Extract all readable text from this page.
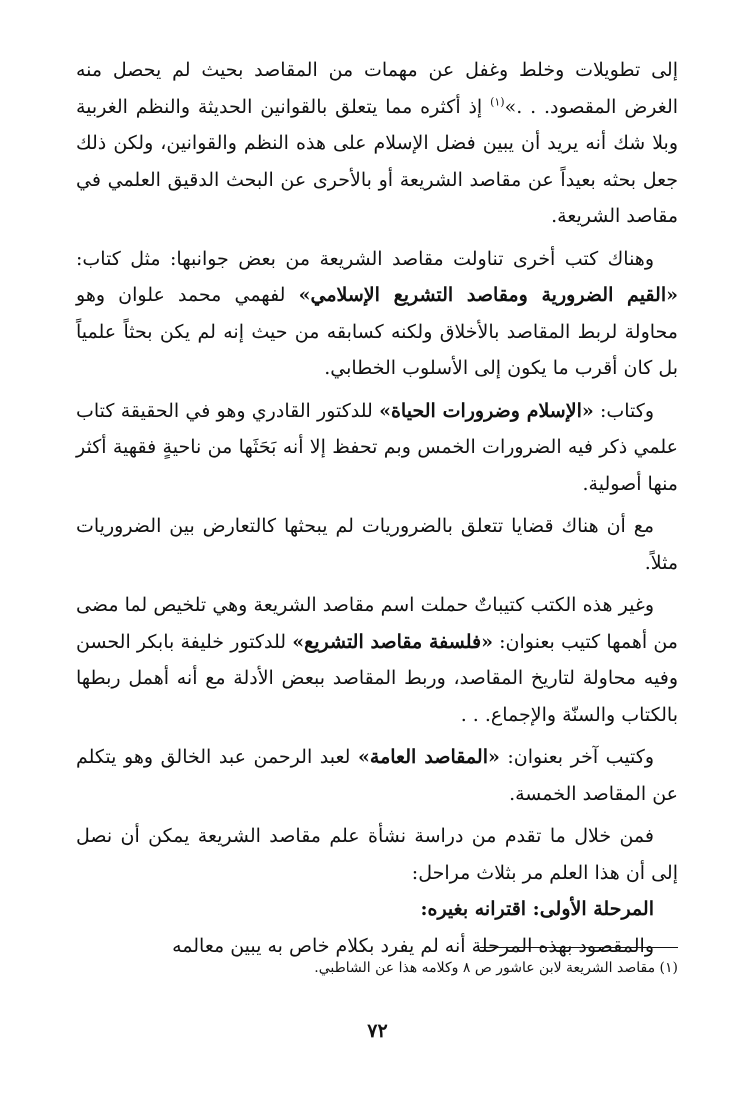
إلى تطويلات وخلط وغفل عن مهمات من المقاصد بحيث لم يحصل منه الغرض المقصود. . .»$^{(١)}$ إذ أكثره مما يتعلق بالقوانين الحديثة والنظم الغربية وبلا شك أنه يريد أن يبين فضل الإسلام على هذه النظم والقوانين، ولكن ذلك جعل بحثه بعيداً عن مقاصد الشريعة أو بالأحرى عن البحث الدقيق العلمي في مقاصد الشريعة.

وهناك كتب أخرى تناولت مقاصد الشريعة من بعض جوانبها: مثل كتاب: «القيم الضرورية ومقاصد التشريع الإسلامي» لفهمي محمد علوان وهو محاولة لربط المقاصد بالأخلاق ولكنه كسابقه من حيث إنه لم يكن بحثاً علمياً بل كان أقرب ما يكون إلى الأسلوب الخطابي.

وكتاب: «الإسلام وضرورات الحياة» للدكتور القادري وهو في الحقيقة كتاب علمي ذكر فيه الضرورات الخمس وبم تحفظ إلا أنه بَحَثَها من ناحيةٍ فقهية أكثر منها أصولية.

مع أن هناك قضايا تتعلق بالضروريات لم يبحثها كالتعارض بين الضروريات مثلاً.

وغير هذه الكتب كتيباتٌ حملت اسم مقاصد الشريعة وهي تلخيص لما مضى من أهمها كتيب بعنوان: «فلسفة مقاصد التشريع» للدكتور خليفة بابكر الحسن وفيه محاولة لتاريخ المقاصد، وربط المقاصد ببعض الأدلة مع أنه أهمل ربطها بالكتاب والسنّة والإجماع. . .

وكتيب آخر بعنوان: «المقاصد العامة» لعبد الرحمن عبد الخالق وهو يتكلم عن المقاصد الخمسة.

فمن خلال ما تقدم من دراسة نشأة علم مقاصد الشريعة يمكن أن نصل إلى أن هذا العلم مر بثلاث مراحل:

المرحلة الأولى: اقترانه بغيره:

والمقصود بهذه المرحلة أنه لم يفرد بكلام خاص به يبين معالمه

(١) مقاصد الشريعة لابن عاشور ص ٨ وكلامه هذا عن الشاطبي.
٧٢
